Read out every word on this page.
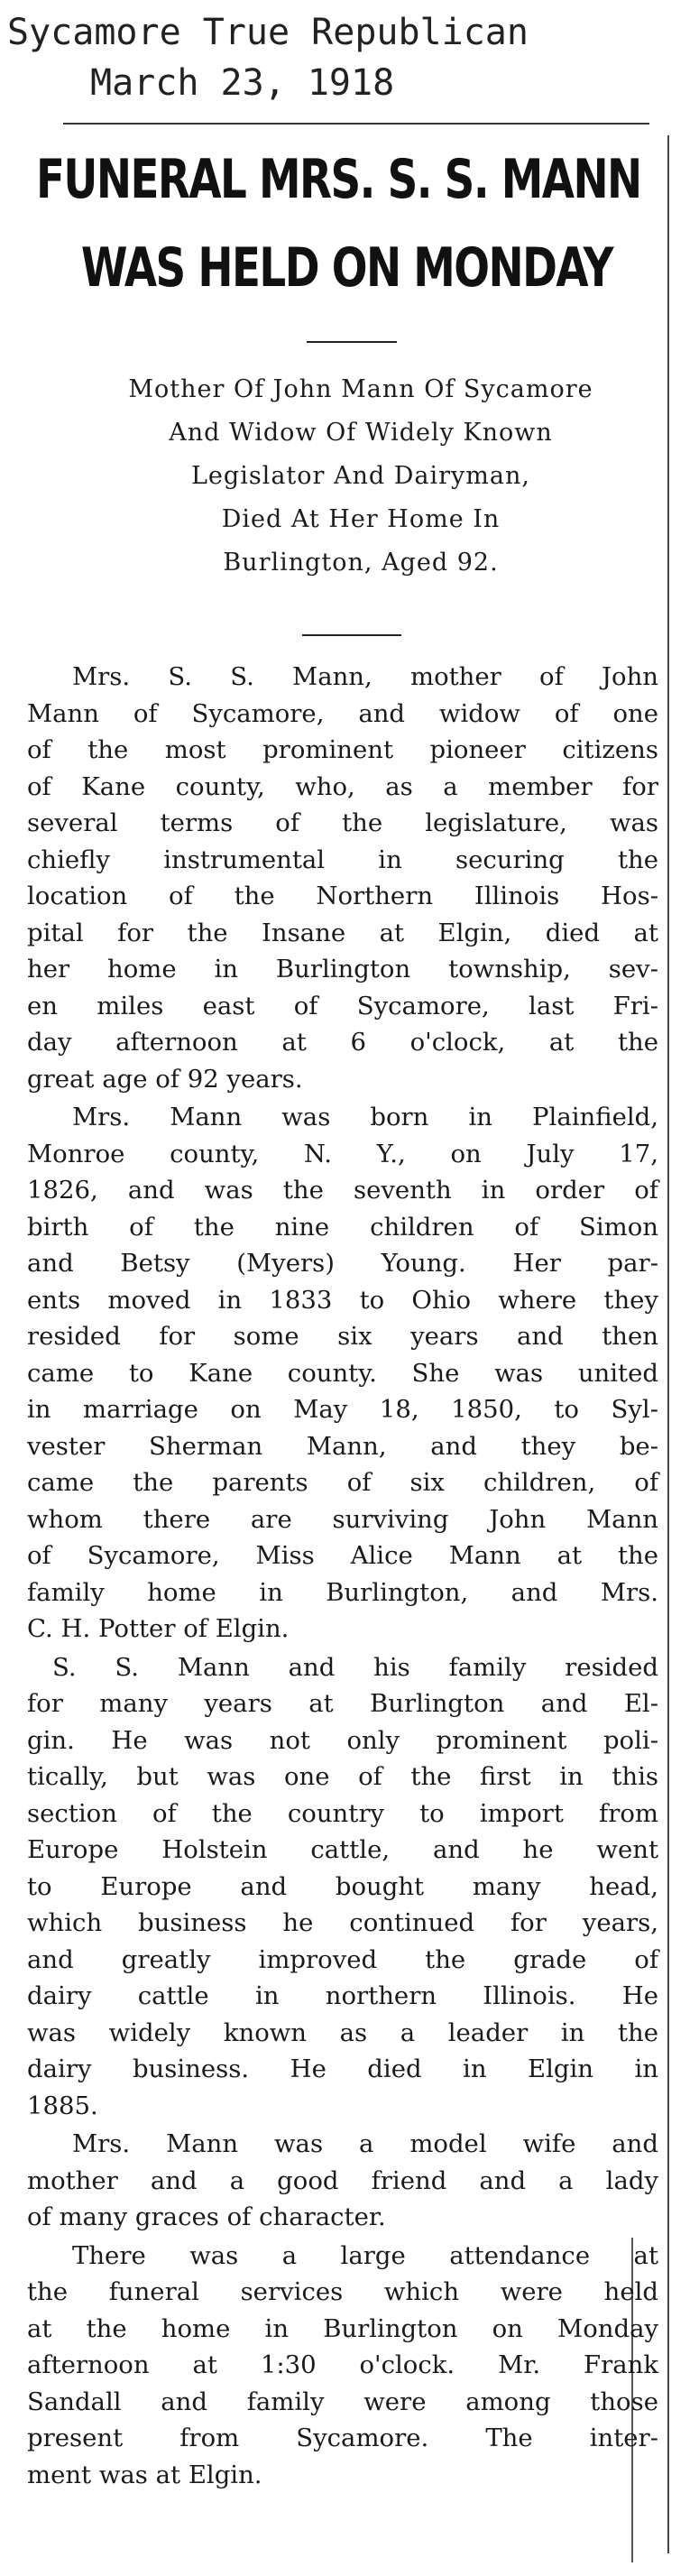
Sycamore True Republican
March 23, 1918
FUNERAL MRS. S. S. MANN
WAS HELD ON MONDAY
Mother Of John Mann Of Sycamore
And Widow Of Widely Known
Legislator And Dairyman,
Died At Her Home In
Burlington, Aged 92.

Mrs. S. S. Mann, mother of John
Mann of Sycamore, and widow of one
of the most prominent pioneer citizens
of Kane county, who, as a member for
several terms of the legislature, was
chiefly instrumental in securing the
location of the Northern Illinois Hos-
pital for the Insane at Elgin, died at
her home in Burlington township, sev-
en miles east of Sycamore, last Fri-
day afternoon at 6 o'clock, at the
great age of 92 years.

Mrs. Mann was born in Plainfield,
Monroe county, N. Y., on July 17,
1826, and was the seventh in order of
birth of the nine children of Simon
and Betsy (Myers) Young. Her par-
ents moved in 1833 to Ohio where they
resided for some six years and then
came to Kane county. She was united
in marriage on May 18, 1850, to Syl-
vester Sherman Mann, and they be-
came the parents of six children, of
whom there are surviving John Mann
of Sycamore, Miss Alice Mann at the
family home in Burlington, and Mrs.
C. H. Potter of Elgin.

S. S. Mann and his family resided
for many years at Burlington and El-
gin. He was not only prominent poli-
tically, but was one of the first in this
section of the country to import from
Europe Holstein cattle, and he went
to Europe and bought many head,
which business he continued for years,
and greatly improved the grade of
dairy cattle in northern Illinois. He
was widely known as a leader in the
dairy business. He died in Elgin in
1885.

Mrs. Mann was a model wife and
mother and a good friend and a lady
of many graces of character.

There was a large attendance at
the funeral services which were held
at the home in Burlington on Monday
afternoon at 1:30 o'clock. Mr. Frank
Sandall and family were among those
present from Sycamore. The inter-
ment was at Elgin.
